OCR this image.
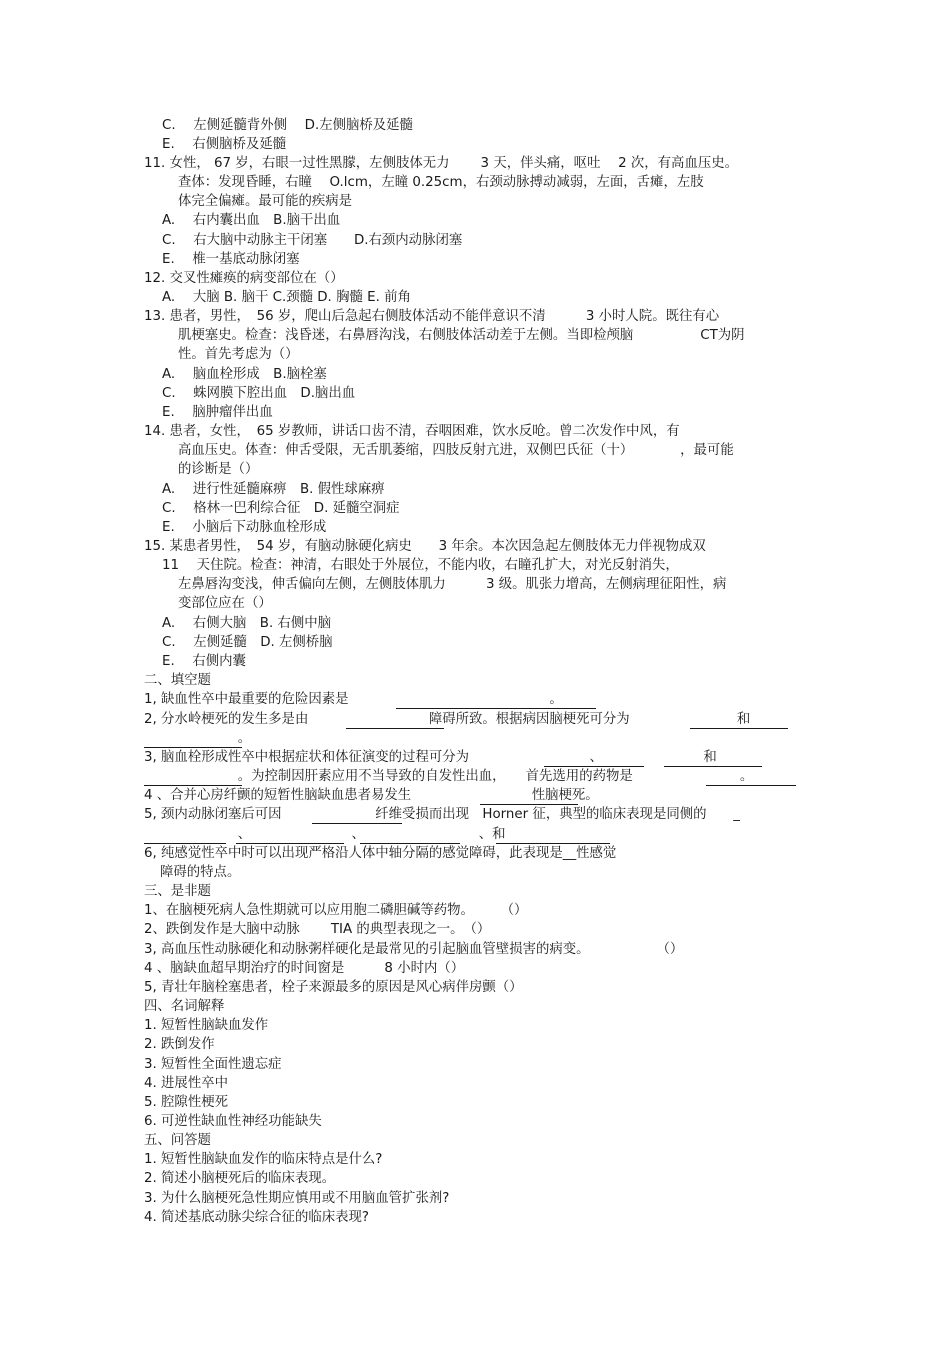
C.　 左侧延髓背外侧　 D.左侧脑桥及延髓
E.　 右侧脑桥及延髓
11. 女性， 67 岁，右眼一过性黑朦，左侧肢体无力　　 3 天，伴头痛，呕吐　 2 次，有高血压史。
查体：发现昏睡，右瞳　 O.lcm，左瞳 0.25cm，右颈动脉搏动减弱，左面，舌瘫，左肢
体完全偏瘫。最可能的疾病是
A.　 右内囊出血　B.脑干出血
C.　 右大脑中动脉主干闭塞　　D.右颈内动脉闭塞
E.　 椎一基底动脉闭塞
12. 交叉性瘫痪的病变部位在（）
A.　 大脑 B. 脑干 C.颈髓 D. 胸髓 E. 前角
13. 患者，男性，　56 岁，爬山后急起右侧肢体活动不能伴意识不清　　　3 小时人院。既往有心
肌梗塞史。检查：浅昏迷，右鼻唇沟浅，右侧肢体活动差于左侧。当即检颅脑　　　　　CT为阴
性。首先考虑为（）
A.　 脑血栓形成　B.脑栓塞
C.　 蛛网膜下腔出血　D.脑出血
E.　 脑肿瘤伴出血
14. 患者，女性，　65 岁教师，讲话口齿不清，吞咽困难，饮水反呛。曾二次发作中风，有
高血压史。体查：伸舌受限，无舌肌萎缩，四肢反射亢进，双侧巴氏征（十）　　　　，最可能
的诊断是（）
A.　 进行性延髓麻痹　B. 假性球麻痹
C.　 格林一巴利综合征　D. 延髓空洞症
E.　 小脑后下动脉血栓形成
15. 某患者男性，　54 岁，有脑动脉硬化病史　　3 年余。本次因急起左侧肢体无力伴视物成双
11　 天住院。检查：神清，右眼处于外展位，不能内收，右瞳孔扩大，对光反射消失，
左鼻唇沟变浅，伸舌偏向左侧，左侧肢体肌力　　　3 级。肌张力增高，左侧病理征阳性，病
变部位应在（）
A.　 右侧大脑　B. 右侧中脑
C.　 左侧延髓　D. 左侧桥脑
E.　 右侧内囊
二、填空题
1, 缺血性卒中最重要的危险因素是　　　　　　　　　　　　　　　。
2, 分水岭梗死的发生多是由　　　　　　　　　障碍所致。根据病因脑梗死可分为　　　　　　　　和
　　　　　　　。
3, 脑血栓形成性卒中根据症状和体征演变的过程可分为　　　　　　　　　、　　　　　　　　和
　　　　　　　。为控制因肝素应用不当导致的自发性出血，　　首先选用的药物是　　　　　　　　。
4 、合并心房纤颤的短暂性脑缺血患者易发生　　　　　　　　　性脑梗死。
5, 颈内动脉闭塞后可因　　　　　　　纤维受损而出现　Horner 征，典型的临床表现是同侧的　　_
　　　　　　　、　　　　　　　　、　　　　　　　　　、和
6, 纯感觉性卒中时可以出现严格沿人体中轴分隔的感觉障碍，此表现是__性感觉
障碍的特点。
三、是非题
1、在脑梗死病人急性期就可以应用胞二磷胆碱等药物。　　　（）
2、跌倒发作是大脑中动脉　　 TIA 的典型表现之一。　（）
3, 高血压性动脉硬化和动脉粥样硬化是最常见的引起脑血管壁损害的病变。　　　　　　（）
4 、脑缺血超早期治疗的时间窗是　　　8 小时内（）
5, 青壮年脑栓塞患者，栓子来源最多的原因是风心病伴房颤（）
四、名词解释
1. 短暂性脑缺血发作
2. 跌倒发作
3. 短暂性全面性遗忘症
4. 进展性卒中
5. 腔隙性梗死
6. 可逆性缺血性神经功能缺失
五、问答题
1. 短暂性脑缺血发作的临床特点是什么?
2. 简述小脑梗死后的临床表现。
3. 为什么脑梗死急性期应慎用或不用脑血管扩张剂?
4. 简述基底动脉尖综合征的临床表现?
